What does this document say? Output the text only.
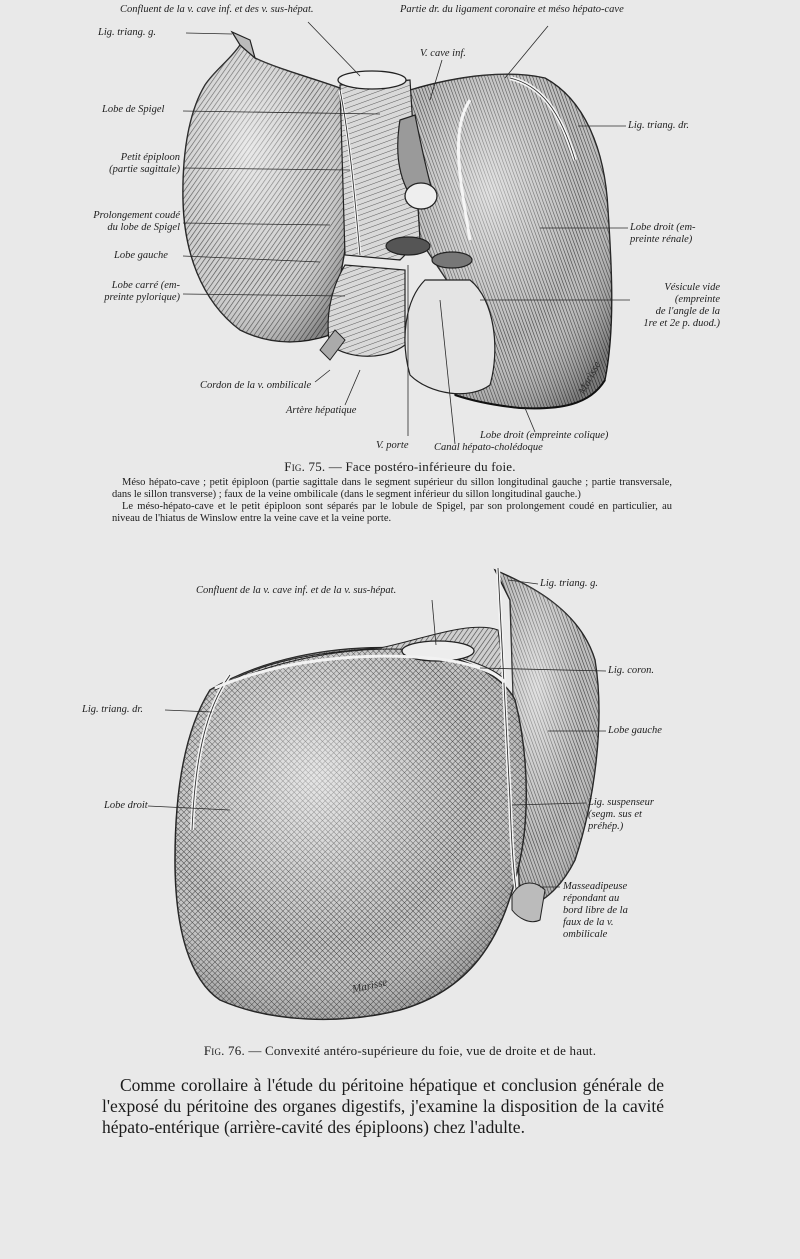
Confluent de la v. cave inf. et des v. sus-hépat.	Partie dr. du ligament coronaire et méso hépato-cave
Lig. triang. g.
V. cave inf.
Lobe de Spigel
Lig. triang. dr.
Petit épiploon
(partie sagittale)
Prolongement coudé
du lobe de Spigel	Lobe droit (em-
preinte rénale)
Lobe gauche
Lobe carré (em-
preinte pylorique)
Vésicule vide
(empreinte
de l'angle de la
1re et 2e p. duod.)
Cordon de la v. ombilicale
Artère hépatique
Lobe droit (empreinte colique)
V. porte Canal hépato-cholédoque
Marisse
Fig. 75. — Face postéro-inférieure du foie.

Méso hépato-cave ; petit épiploon (partie sagittale dans le segment supérieur du sillon longitudinal gauche ; partie transversale, dans le sillon transverse) ; faux de la veine ombilicale (dans le segment inférieur du sillon longitudinal gauche.)

Le méso-hépato-cave et le petit épiploon sont séparés par le lobule de Spigel, par son prolongement coudé en particulier, au niveau de l'hiatus de Winslow entre la veine cave et la veine porte.

Lig. triang. g.
Confluent de la v. cave inf. et de la v. sus-hépat.
Lig. coron.
Lig. triang. dr.
Lobe gauche
Lobe droit	Lig. suspenseur
(segm. sus et
préhép.)
Masseadipeuse
répondant au
bord libre de la
faux de la v.
ombilicale
Marisse
Fig. 76. — Convexité antéro-supérieure du foie, vue de droite et de haut.

Comme corollaire à l'étude du péritoine hépatique et conclusion générale de l'exposé du péritoine des organes digestifs, j'examine la disposition de la cavité hépato-entérique (arrière-cavité des épiploons) chez l'adulte.
